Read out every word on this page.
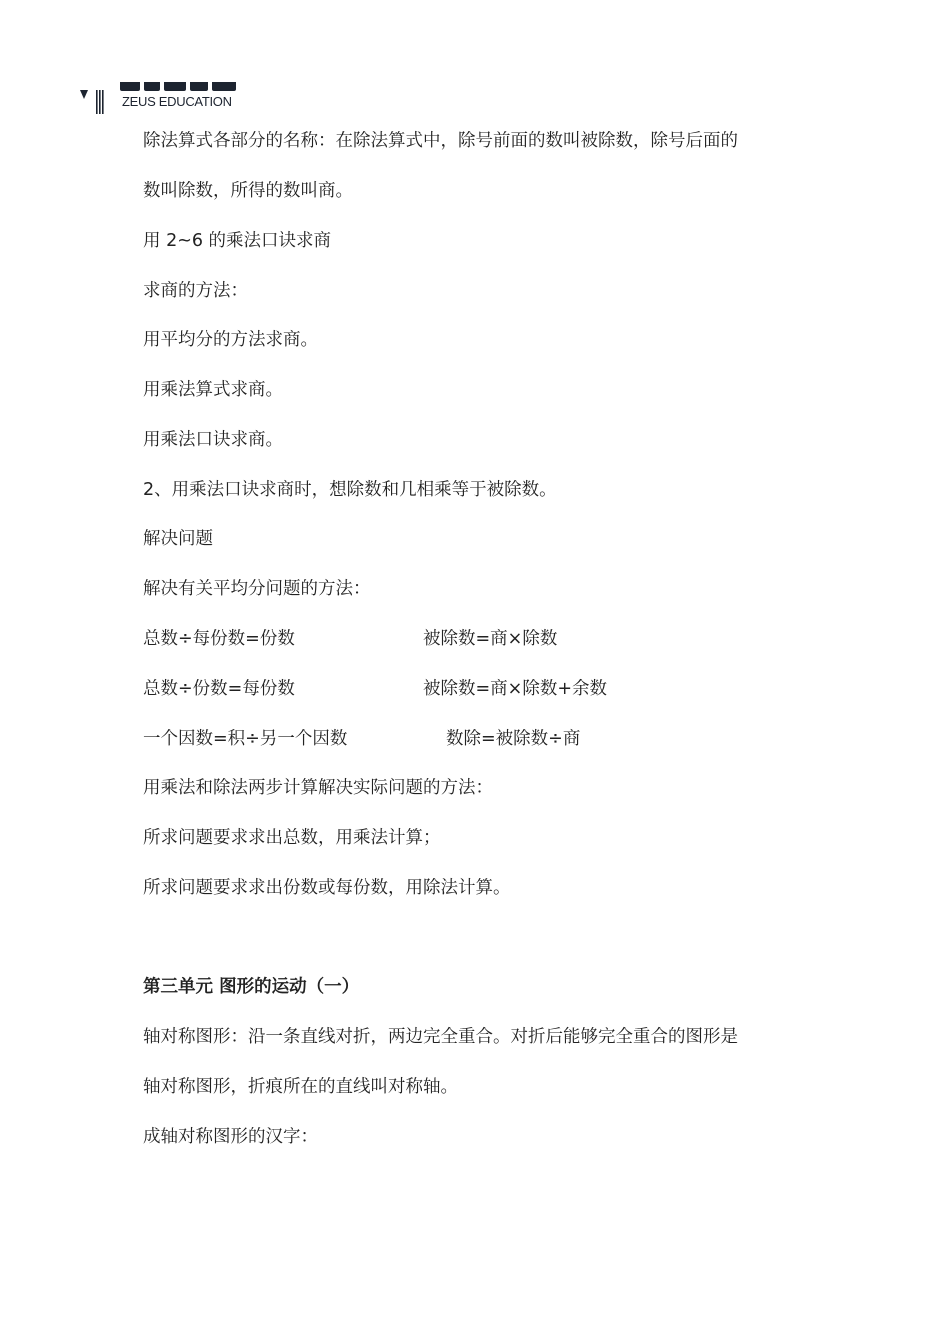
ZEUS EDUCATION
除法算式各部分的名称：在除法算式中，除号前面的数叫被除数，除号后面的
数叫除数，所得的数叫商。
用 2~6 的乘法口诀求商
求商的方法：
用平均分的方法求商。
用乘法算式求商。
用乘法口诀求商。
2、用乘法口诀求商时，想除数和几相乘等于被除数。
解决问题
解决有关平均分问题的方法：
总数÷每份数=份数	被除数=商×除数
总数÷份数=每份数	被除数=商×除数+余数
一个因数=积÷另一个因数	数除=被除数÷商
用乘法和除法两步计算解决实际问题的方法：
所求问题要求求出总数，用乘法计算；
所求问题要求求出份数或每份数，用除法计算。
第三单元 图形的运动（一）
轴对称图形：沿一条直线对折，两边完全重合。对折后能够完全重合的图形是
轴对称图形，折痕所在的直线叫对称轴。
成轴对称图形的汉字：
